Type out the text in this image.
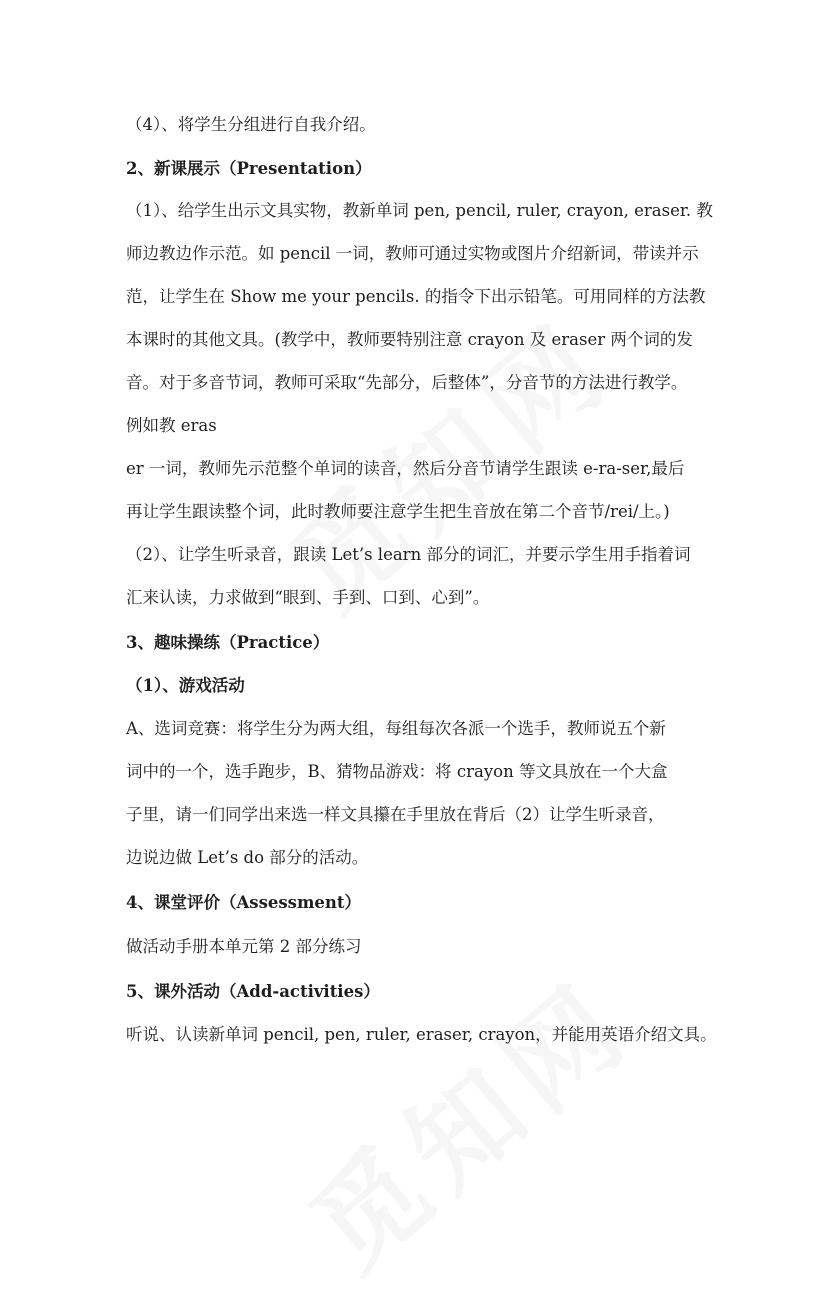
（4）、将学生分组进行自我介绍。
2、新课展示（Presentation）
（1）、给学生出示文具实物，教新单词 pen, pencil, ruler, crayon, eraser. 教
师边教边作示范。如 pencil 一词，教师可通过实物或图片介绍新词，带读并示
范，让学生在 Show me your pencils. 的指令下出示铅笔。可用同样的方法教
本课时的其他文具。(教学中，教师要特别注意 crayon 及 eraser 两个词的发
音。对于多音节词，教师可采取“先部分，后整体”，分音节的方法进行教学。
例如教 eras
er 一词，教师先示范整个单词的读音，然后分音节请学生跟读 e-ra-ser,最后
再让学生跟读整个词，此时教师要注意学生把生音放在第二个音节/rei/上。)
（2）、让学生听录音，跟读 Let’s learn 部分的词汇，并要示学生用手指着词
汇来认读，力求做到“眼到、手到、口到、心到”。
3、趣味操练（Practice）
（1）、游戏活动
A、选词竞赛：将学生分为两大组，每组每次各派一个选手，教师说五个新
词中的一个，选手跑步，B、猜物品游戏：将 crayon 等文具放在一个大盒
子里，请一们同学出来选一样文具攥在手里放在背后（2）让学生听录音，
边说边做 Let’s do 部分的活动。
4、课堂评价（Assessment）
做活动手册本单元第 2 部分练习
5、课外活动（Add-activities）
听说、认读新单词 pencil, pen, ruler, eraser, crayon，并能用英语介绍文具。
